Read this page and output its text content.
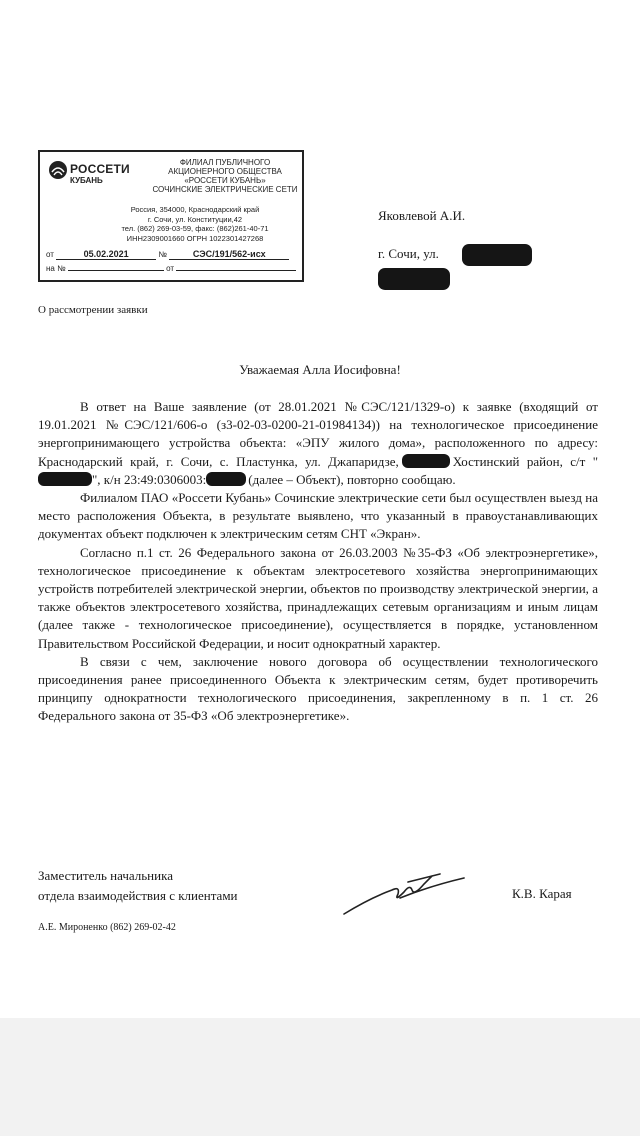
РОССЕТИ
КУБАНЬ
ФИЛИАЛ ПУБЛИЧНОГО
АКЦИОНЕРНОГО ОБЩЕСТВА
«РОССЕТИ КУБАНЬ»
СОЧИНСКИЕ ЭЛЕКТРИЧЕСКИЕ СЕТИ
Россия, 354000, Краснодарский край
г. Сочи, ул. Конституции,42
тел. (862) 269-03-59, факс: (862)261-40-71
ИНН2309001660 ОГРН 1022301427268
от	05.02.2021	№	СЭС/191/562-исх
на №	от
Яковлевой А.И.
г. Сочи, ул.
О рассмотрении заявки
Уважаемая Алла Иосифовна!

В ответ на Ваше заявление (от 28.01.2021 №СЭС/121/1329-о) к заявке (входящий от 19.01.2021 №СЭС/121/606-о (з3-02-03-0200-21-01984134)) на технологическое присоединение энергопринимающего устройства объекта: «ЭПУ жилого дома», расположенного по адресу: Краснодарский край, г. Сочи, с. Пластунка, ул. Джапаридзе,	Хостинский район, с/т "", к/н 23:49:0306003:	(далее – Объект), повторно сообщаю.

Филиалом ПАО «Россети Кубань» Сочинские электрические сети был осуществлен выезд на место расположения Объекта, в результате выявлено, что указанный в правоустанавливающих документах объект подключен к электрическим сетям СНТ «Экран».

Согласно п.1 ст. 26 Федерального закона от 26.03.2003 №35-ФЗ «Об электроэнергетике», технологическое присоединение к объектам электросетевого хозяйства энергопринимающих устройств потребителей электрической энергии, объектов по производству электрической энергии, а также объектов электросетевого хозяйства, принадлежащих сетевым организациям и иным лицам (далее также - технологическое присоединение), осуществляется в порядке, установленном Правительством Российской Федерации, и носит однократный характер.

В связи с чем, заключение нового договора об осуществлении технологического присоединения ранее присоединенного Объекта к электрическим сетям, будет противоречить принципу однократности технологического присоединения, закрепленному в п. 1 ст. 26 Федерального закона от 35-ФЗ «Об электроэнергетике».

Заместитель начальника
отдела взаимодействия с клиентами	К.В. Карая
А.Е. Мироненко (862) 269-02-42
